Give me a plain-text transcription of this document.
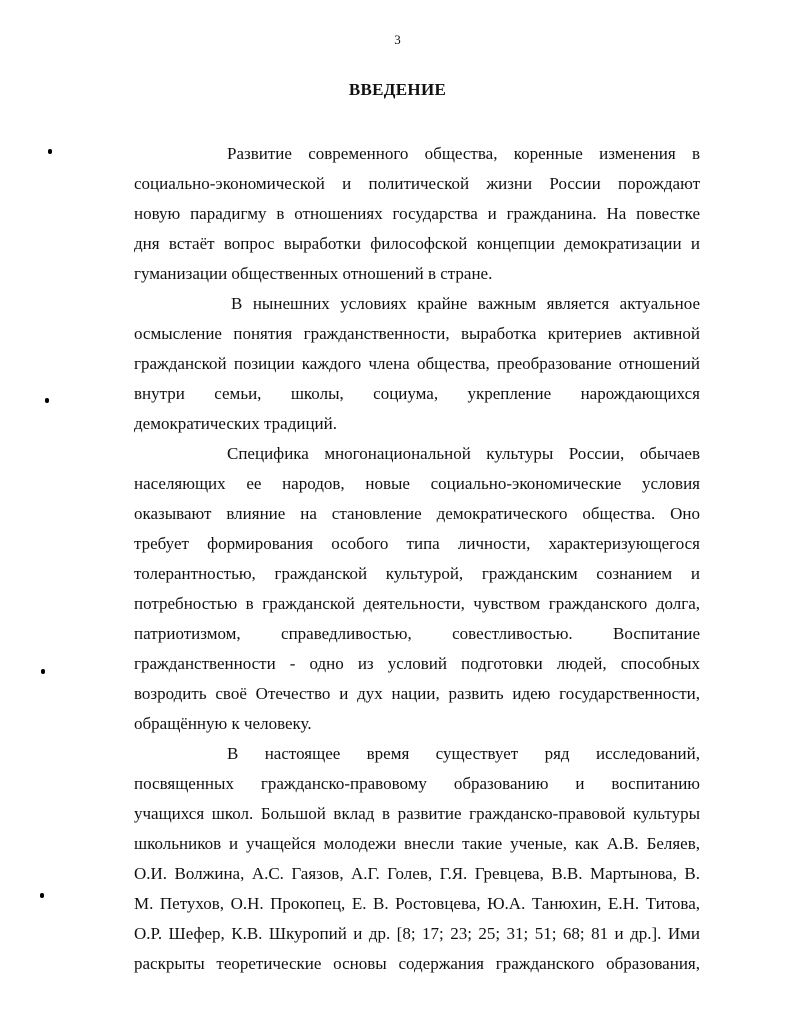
3
ВВЕДЕНИЕ
Развитие современного общества, коренные изменения в
социально-экономической и политической жизни России порождают
новую парадигму в отношениях государства и гражданина. На повестке
дня встаёт вопрос выработки философской концепции демократизации и
гуманизации общественных отношений в стране.
В нынешних условиях крайне важным является актуальное
осмысление понятия гражданственности, выработка критериев активной
гражданской позиции каждого члена общества, преобразование отношений
внутри семьи, школы, социума, укрепление нарождающихся
демократических традиций.
Специфика многонациональной культуры России, обычаев
населяющих ее народов, новые социально-экономические условия
оказывают влияние на становление демократического общества. Оно
требует формирования особого типа личности, характеризующегося
толерантностью, гражданской культурой, гражданским сознанием и
потребностью в гражданской деятельности, чувством гражданского долга,
патриотизмом, справедливостью, совестливостью. Воспитание
гражданственности - одно из условий подготовки людей, способных
возродить своё Отечество и дух нации, развить идею государственности,
обращённую к человеку.
В настоящее время существует ряд исследований,
посвященных гражданско-правовому образованию и воспитанию
учащихся школ. Большой вклад в развитие гражданско-правовой культуры
школьников и учащейся молодежи внесли такие ученые, как А.В. Беляев,
О.И. Волжина, А.С. Гаязов, А.Г. Голев, Г.Я. Гревцева, В.В. Мартынова, В.
М. Петухов, О.Н. Прокопец, Е. В. Ростовцева, Ю.А. Танюхин, Е.Н. Титова,
О.Р. Шефер, К.В. Шкуропий и др. [8; 17; 23; 25; 31; 51; 68; 81 и др.]. Ими
раскрыты теоретические основы содержания гражданского образования,
